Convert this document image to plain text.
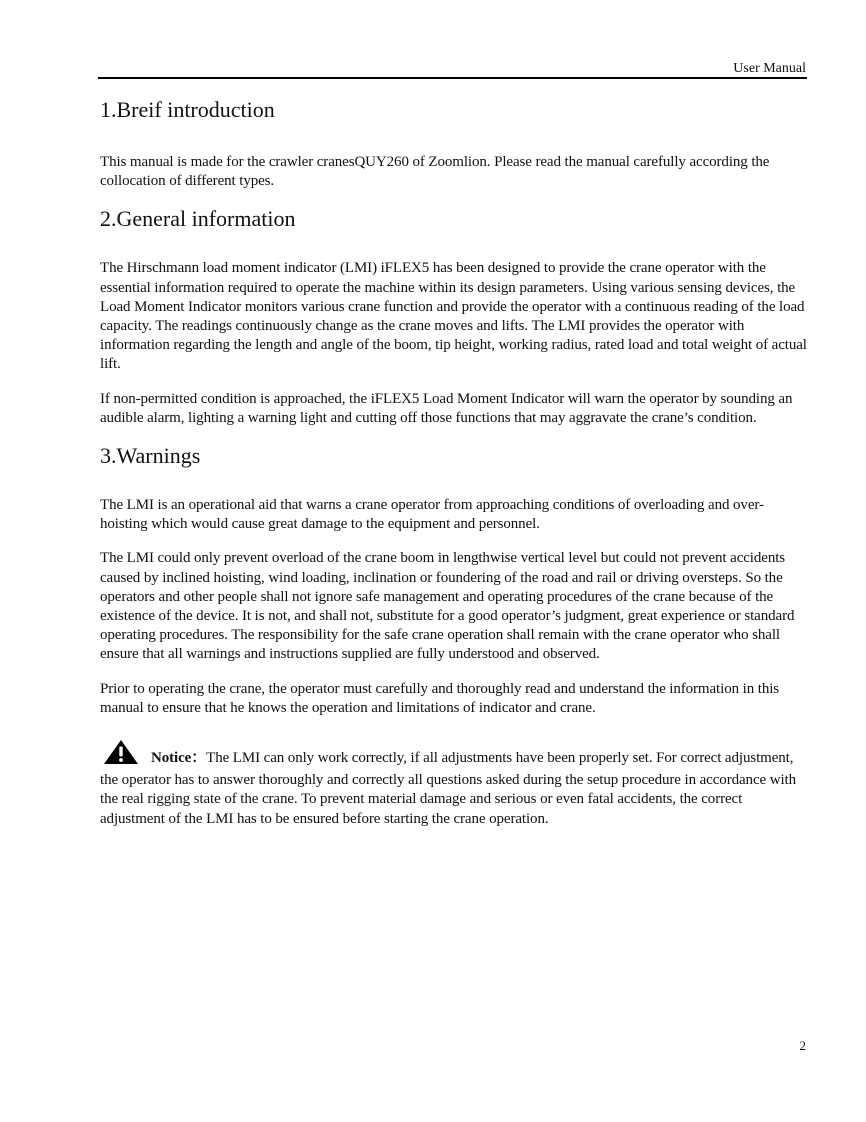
User Manual
1.Breif introduction

This manual is made for the crawler cranesQUY260 of Zoomlion. Please read the manual carefully according the collocation of different types.

2.General information

The Hirschmann load moment indicator (LMI) iFLEX5 has been designed to provide the crane operator with the essential information required to operate the machine within its design parameters. Using various sensing devices, the Load Moment Indicator monitors various crane function and provide the operator with a continuous reading of the load capacity. The readings continuously change as the crane moves and lifts. The LMI provides the operator with information regarding the length and angle of the boom, tip height, working radius, rated load and total weight of actual lift.

If non-permitted condition is approached, the iFLEX5 Load Moment Indicator will warn the operator by sounding an audible alarm, lighting a warning light and cutting off those functions that may aggravate the crane’s condition.

3.Warnings

The LMI is an operational aid that warns a crane operator from approaching conditions of overloading and over-hoisting which would cause great damage to the equipment and personnel.

The LMI could only prevent overload of the crane boom in lengthwise vertical level but could not prevent accidents caused by inclined hoisting, wind loading, inclination or foundering of the road and rail or driving oversteps. So the operators and other people shall not ignore safe management and operating procedures of the crane because of the existence of the device. It is not, and shall not, substitute for a good operator’s judgment, great experience or standard operating procedures. The responsibility for the safe crane operation shall remain with the crane operator who shall ensure that all warnings and instructions supplied are fully understood and observed.

Prior to operating the crane, the operator must carefully and thoroughly read and understand the information in this manual to ensure that he knows the operation and limitations of indicator and crane.

Notice：The LMI can only work correctly, if all adjustments have been properly set. For correct adjustment, the operator has to answer thoroughly and correctly all questions asked during the setup procedure in accordance with the real rigging state of the crane. To prevent material damage and serious or even fatal accidents, the correct adjustment of the LMI has to be ensured before starting the crane operation.

2
